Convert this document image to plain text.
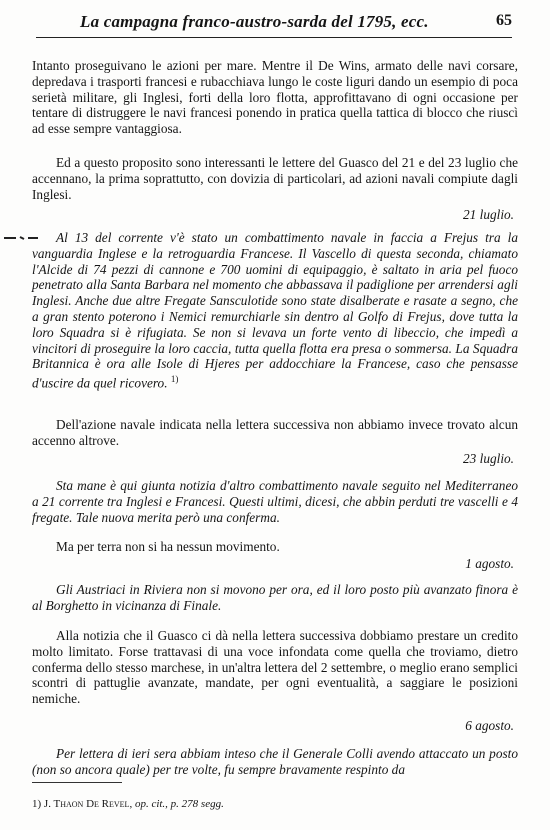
La campagna franco-austro-sarda del 1795, ecc.	65

Intanto proseguivano le azioni per mare. Mentre il De Wins, armato delle navi corsare, depredava i trasporti francesi e rubacchiava lungo le coste liguri dando un esempio di poca serietà militare, gli Inglesi, forti della loro flotta, approfittavano di ogni occasione per tentare di distruggere le navi francesi ponendo in pratica quella tattica di blocco che riuscì ad esse sempre vantaggiosa.

Ed a questo proposito sono interessanti le lettere del Guasco del 21 e del 23 luglio che accennano, la prima soprattutto, con dovizia di particolari, ad azioni navali compiute dagli Inglesi.

21 luglio.

Al 13 del corrente v'è stato un combattimento navale in faccia a Frejus tra la vanguardia Inglese e la retroguardia Francese. Il Vascello di questa seconda, chiamato l'Alcide di 74 pezzi di cannone e 700 uomini di equipaggio, è saltato in aria pel fuoco penetrato alla Santa Barbara nel momento che abbassava il padiglione per arrendersi agli Inglesi. Anche due altre Fregate Sansculotide sono state disalberate e rasate a segno, che a gran stento poterono i Nemici remurchiarle sin dentro al Golfo di Frejus, dove tutta la loro Squadra si è rifugiata. Se non si levava un forte vento di libeccio, che impedì a vincitori di proseguire la loro caccia, tutta quella flotta era presa o sommersa. La Squadra Britannica è ora alle Isole di Hjeres per addocchiare la Francese, caso che pensasse d'uscire da quel ricovero. $^{1)}$

Dell'azione navale indicata nella lettera successiva non abbiamo invece trovato alcun accenno altrove.

23 luglio.

Sta mane è qui giunta notizia d'altro combattimento navale seguito nel Mediterraneo a 21 corrente tra Inglesi e Francesi. Questi ultimi, dicesi, che abbin perduti tre vascelli e 4 fregate. Tale nuova merita però una conferma.

Ma per terra non si ha nessun movimento.

1 agosto.

Gli Austriaci in Riviera non si movono per ora, ed il loro posto più avanzato finora è al Borghetto in vicinanza di Finale.

Alla notizia che il Guasco ci dà nella lettera successiva dobbiamo prestare un credito molto limitato. Forse trattavasi di una voce infondata come quella che troviamo, dietro conferma dello stesso marchese, in un'altra lettera del 2 settembre, o meglio erano semplici scontri di pattuglie avanzate, mandate, per ogni eventualità, a saggiare le posizioni nemiche.

6 agosto.

Per lettera di ieri sera abbiam inteso che il Generale Colli avendo attaccato un posto (non so ancora quale) per tre volte, fu sempre bravamente respinto da

1) J. Thaon De Revel, op. cit., p. 278 segg.
